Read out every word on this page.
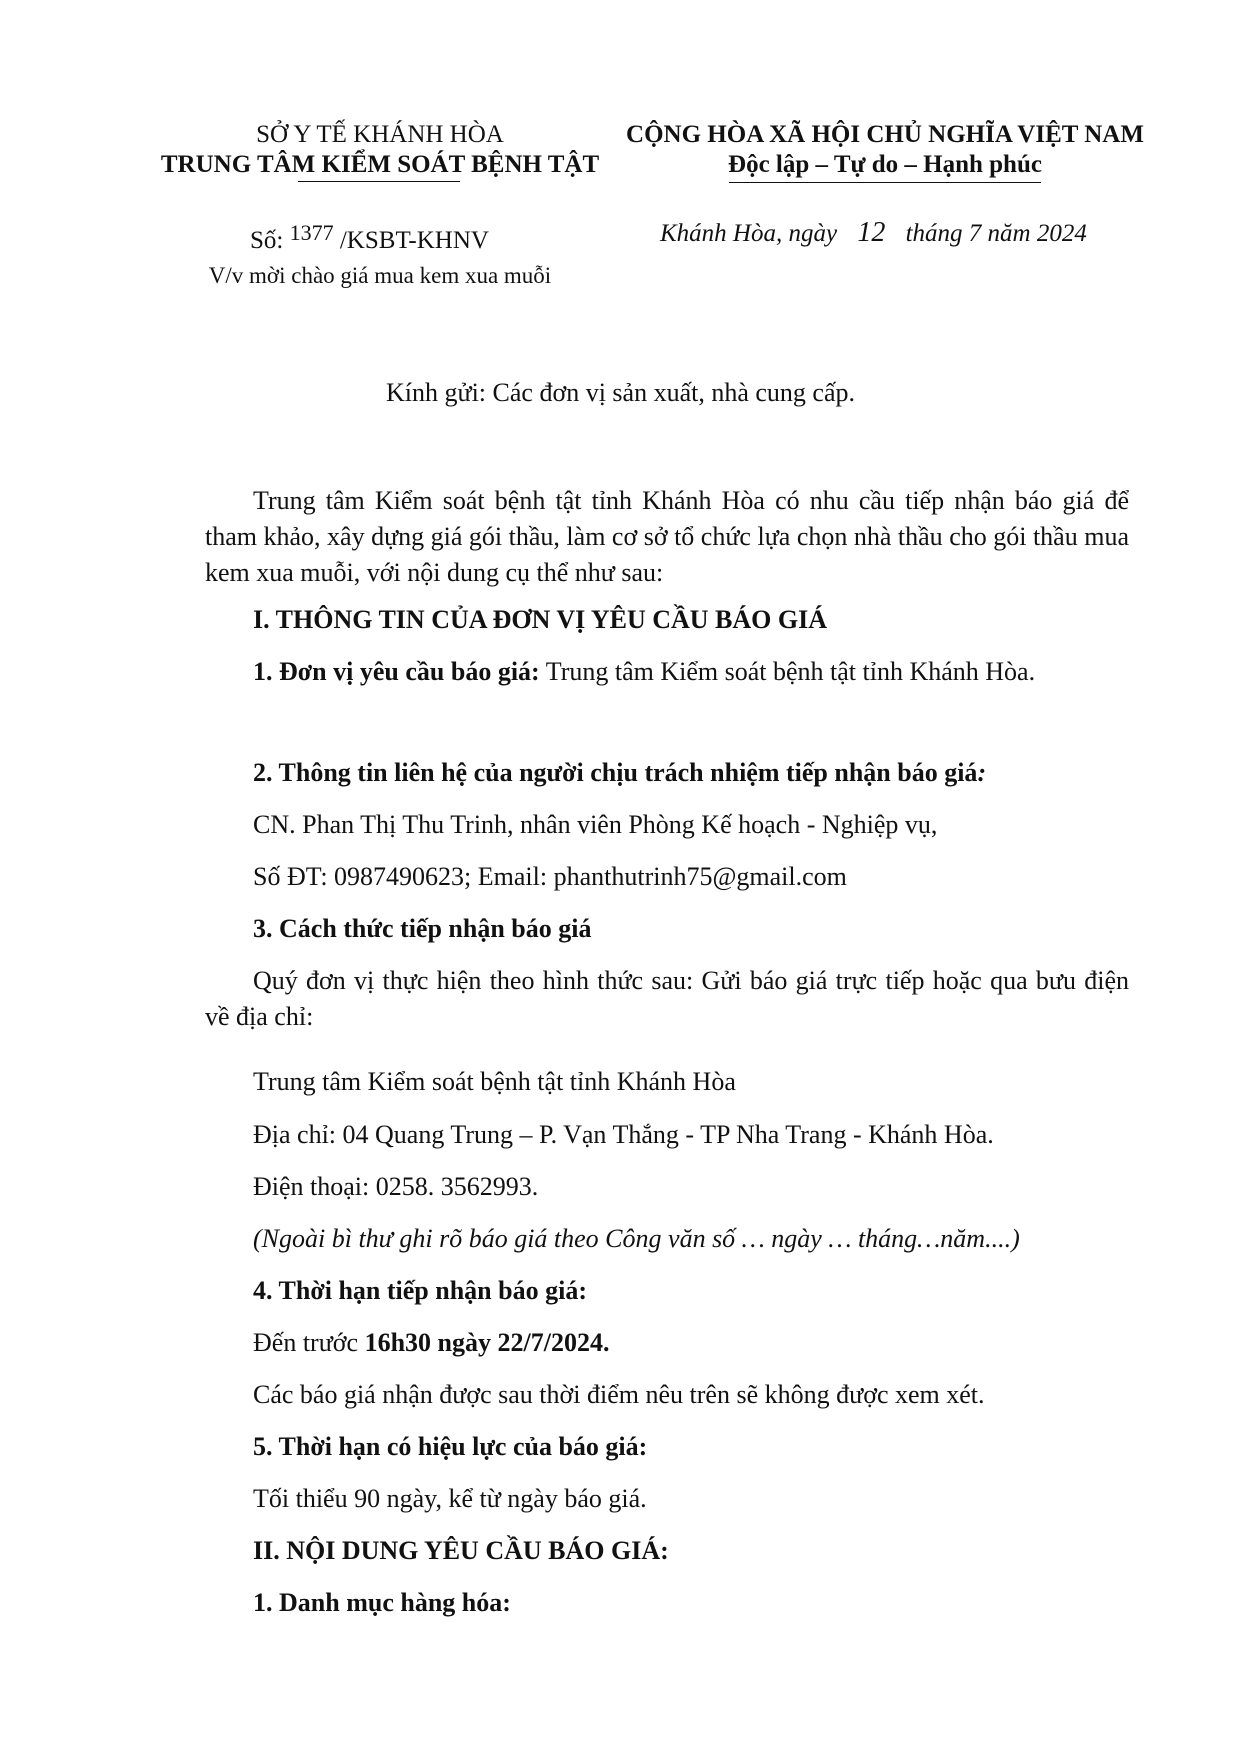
SỞ Y TẾ KHÁNH HÒA
TRUNG TÂM KIỂM SOÁT BỆNH TẬT
Số: 1377 /KSBT-KHNV
V/v mời chào giá mua kem xua muỗi
CỘNG HÒA XÃ HỘI CHỦ NGHĨA VIỆT NAM
Độc lập – Tự do – Hạnh phúc
Khánh Hòa, ngày 12 tháng 7 năm 2024
Kính gửi: Các đơn vị sản xuất, nhà cung cấp.
Trung tâm Kiểm soát bệnh tật tỉnh Khánh Hòa có nhu cầu tiếp nhận báo giá để tham khảo, xây dựng giá gói thầu, làm cơ sở tổ chức lựa chọn nhà thầu cho gói thầu mua kem xua muỗi, với nội dung cụ thể như sau:
I. THÔNG TIN CỦA ĐƠN VỊ YÊU CẦU BÁO GIÁ
1. Đơn vị yêu cầu báo giá: Trung tâm Kiểm soát bệnh tật tỉnh Khánh Hòa.
2. Thông tin liên hệ của người chịu trách nhiệm tiếp nhận báo giá:
CN. Phan Thị Thu Trinh, nhân viên Phòng Kế hoạch - Nghiệp vụ,
Số ĐT: 0987490623; Email: phanthutrinh75@gmail.com
3. Cách thức tiếp nhận báo giá
Quý đơn vị thực hiện theo hình thức sau: Gửi báo giá trực tiếp hoặc qua bưu điện về địa chỉ:
Trung tâm Kiểm soát bệnh tật tỉnh Khánh Hòa
Địa chỉ: 04 Quang Trung – P. Vạn Thắng - TP Nha Trang - Khánh Hòa.
Điện thoại: 0258. 3562993.
(Ngoài bì thư ghi rõ báo giá theo Công văn số … ngày … tháng…năm....)
4. Thời hạn tiếp nhận báo giá:
Đến trước 16h30 ngày 22/7/2024.
Các báo giá nhận được sau thời điểm nêu trên sẽ không được xem xét.
5. Thời hạn có hiệu lực của báo giá:
Tối thiểu 90 ngày, kể từ ngày báo giá.
II. NỘI DUNG YÊU CẦU BÁO GIÁ:
1. Danh mục hàng hóa:
